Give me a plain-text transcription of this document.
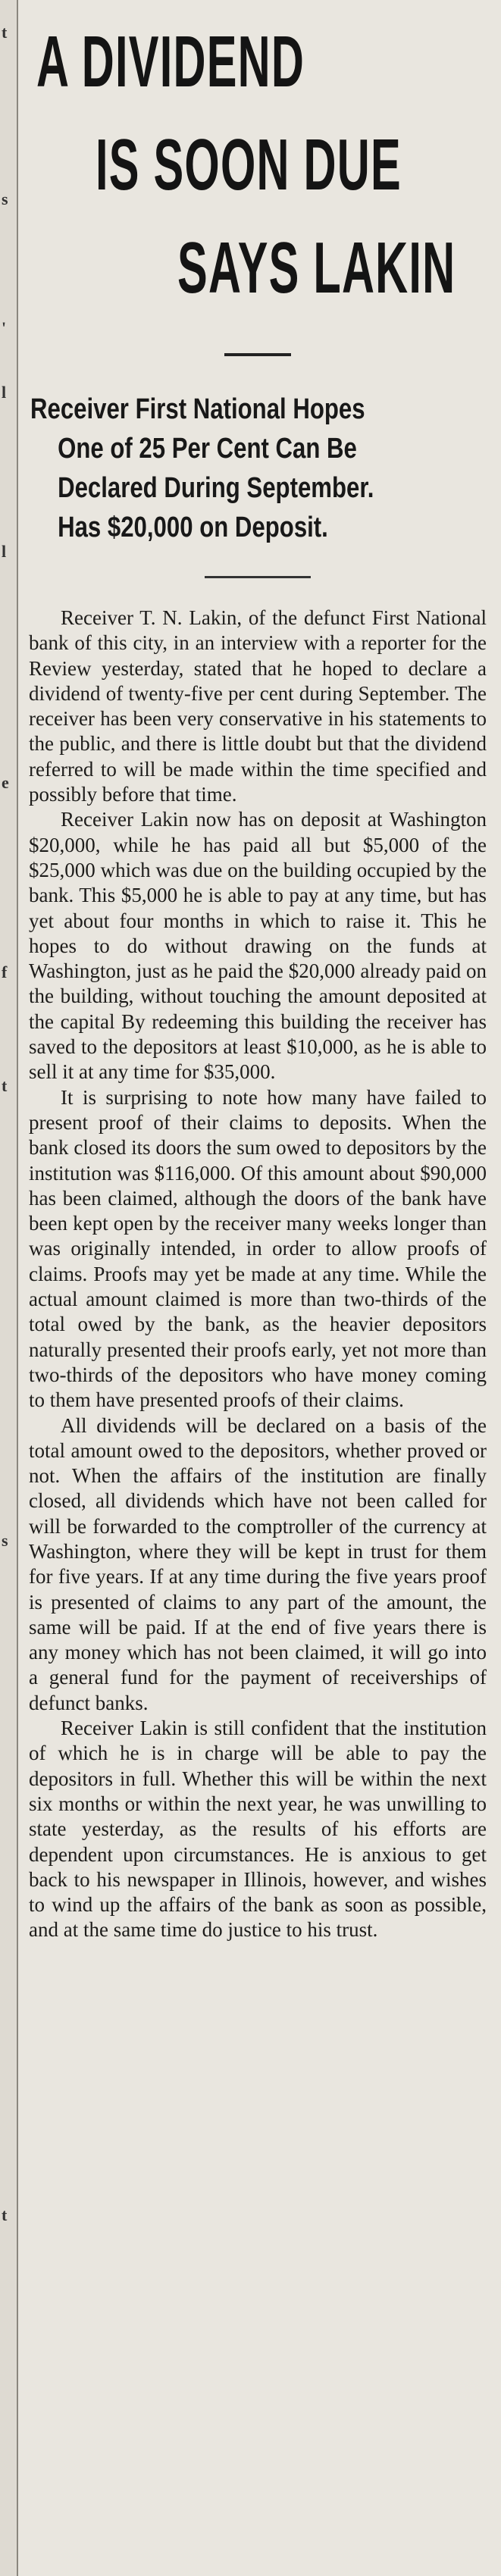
t
s
'
l
l
e
f
t
s
t
A DIVIDEND
IS SOON DUE
SAYS LAKIN
Receiver First National Hopes
One of 25 Per Cent Can Be
Declared During September.
Has $20,000 on Deposit.

Receiver T. N. Lakin, of the defunct First National bank of this city, in an interview with a reporter for the Review yesterday, stated that he hoped to declare a dividend of twenty-five per cent during September. The receiver has been very conservative in his statements to the public, and there is little doubt but that the dividend referred to will be made within the time specified and possibly before that time.

Receiver Lakin now has on deposit at Washington $20,000, while he has paid all but $5,000 of the $25,000 which was due on the building occupied by the bank. This $5,000 he is able to pay at any time, but has yet about four months in which to raise it. This he hopes to do without drawing on the funds at Washington, just as he paid the $20,000 already paid on the building, without touching the amount deposited at the capital By redeeming this building the receiver has saved to the depositors at least $10,000, as he is able to sell it at any time for $35,000.

It is surprising to note how many have failed to present proof of their claims to deposits. When the bank closed its doors the sum owed to depositors by the institution was $116,000. Of this amount about $90,000 has been claimed, although the doors of the bank have been kept open by the receiver many weeks longer than was originally intended, in order to allow proofs of claims. Proofs may yet be made at any time. While the actual amount claimed is more than two-thirds of the total owed by the bank, as the heavier depositors naturally presented their proofs early, yet not more than two-thirds of the depositors who have money coming to them have presented proofs of their claims.

All dividends will be declared on a basis of the total amount owed to the depositors, whether proved or not. When the affairs of the institution are finally closed, all dividends which have not been called for will be forwarded to the comptroller of the currency at Washington, where they will be kept in trust for them for five years. If at any time during the five years proof is presented of claims to any part of the amount, the same will be paid. If at the end of five years there is any money which has not been claimed, it will go into a general fund for the payment of receiverships of defunct banks.

Receiver Lakin is still confident that the institution of which he is in charge will be able to pay the depositors in full. Whether this will be within the next six months or within the next year, he was unwilling to state yesterday, as the results of his efforts are dependent upon circumstances. He is anxious to get back to his newspaper in Illinois, however, and wishes to wind up the affairs of the bank as soon as possible, and at the same time do justice to his trust.
